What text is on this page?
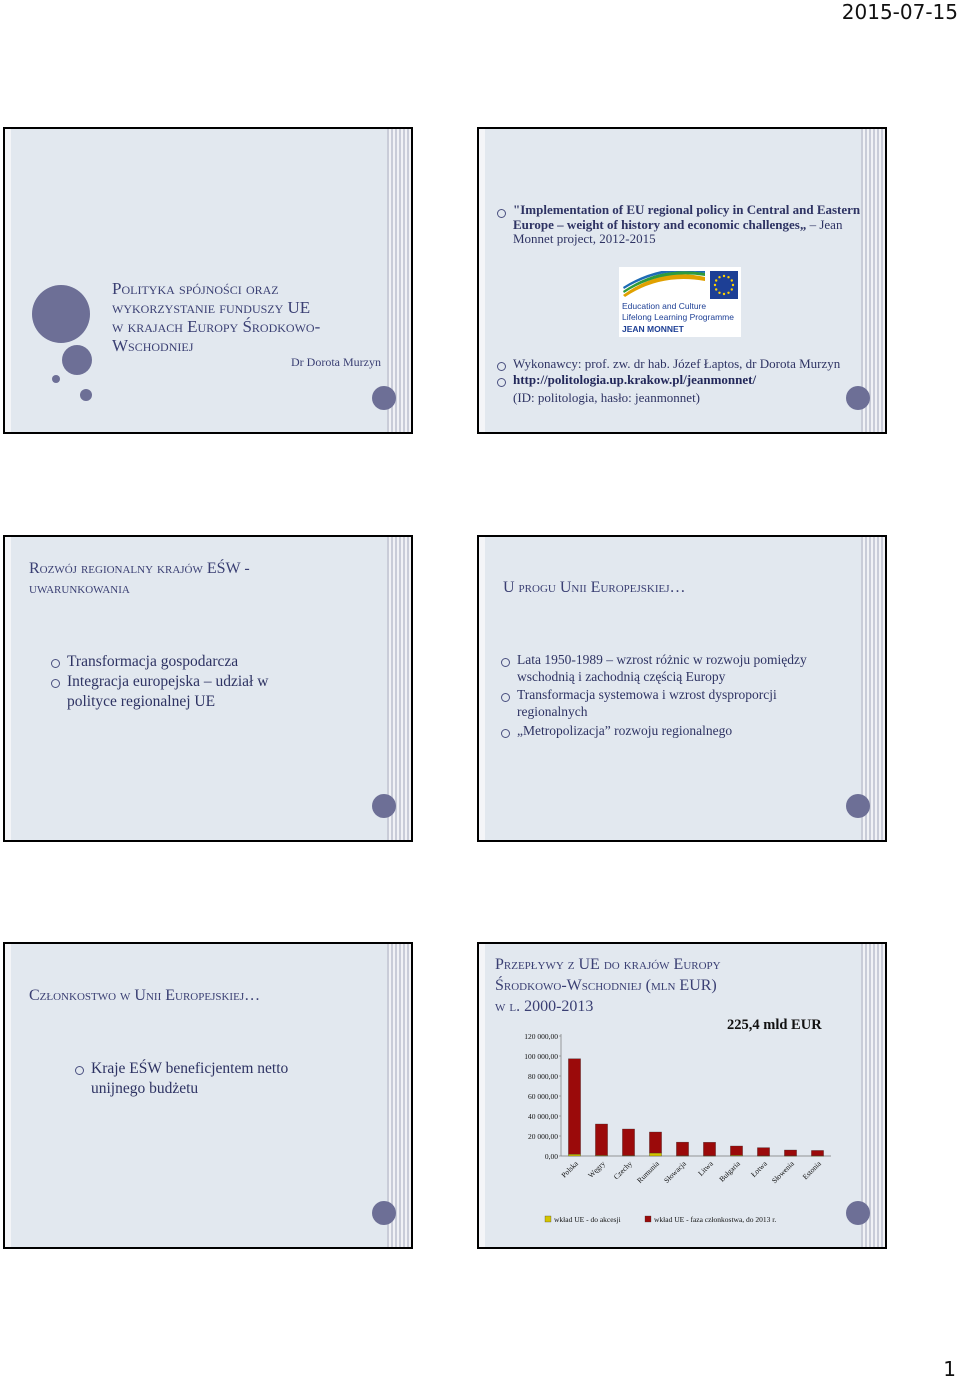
2015-07-15
Polityka spójności oraz
wykorzystanie funduszy UE
w krajach Europy Środkowo-
Wschodniej
Dr Dorota Murzyn
"Implementation of EU regional policy in Central and Eastern Europe – weight of history and economic challenges„ – Jean Monnet project, 2012-2015
Education and Culture
Lifelong Learning Programme
JEAN MONNET
Wykonawcy: prof. zw. dr hab. Józef Łaptos, dr Dorota Murzyn
http://politologia.up.krakow.pl/jeanmonnet/
(ID: politologia, hasło: jeanmonnet)
Rozwój regionalny krajów EŚW -
uwarunkowania
Transformacja gospodarcza
Integracja europejska – udział w polityce regionalnej UE
U progu Unii Europejskiej…
Lata 1950-1989 – wzrost różnic w rozwoju pomiędzy wschodnią i zachodnią częścią Europy
Transformacja systemowa i wzrost dysproporcji regionalnych
„Metropolizacja” rozwoju regionalnego
Członkostwo w Unii Europejskiej…
Kraje EŚW beneficjentem netto unijnego budżetu
Przepływy z UE do krajów Europy
Środkowo-Wschodniej (mln EUR)
w l. 2000-2013
225,4 mld EUR
0,00
20 000,00
40 000,00
60 000,00
80 000,00
100 000,00
120 000,00
Polska Węgry Czechy Rumunia Słowacja Litwa Bułgaria Łotwa Słowenia Estonia
wkład UE - do akcesji	wkład UE - faza członkostwa, do 2013 r.
1
